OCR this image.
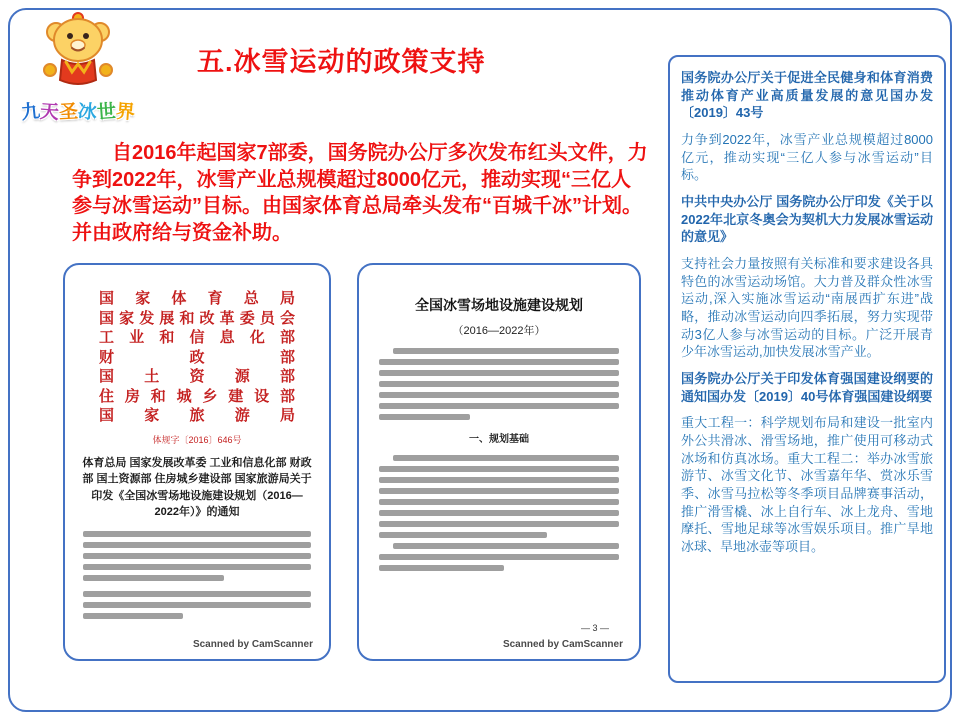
九天圣冰世界
五.冰雪运动的政策支持

自2016年起国家7部委，国务院办公厅多次发布红头文件，力争到2022年，冰雪产业总规模超过8000亿元，推动实现“三亿人参与冰雪运动”目标。由国家体育总局牵头发布“百城千冰”计划。并由政府给与资金补助。

国家体育总局
国家发展和改革委员会
工业和信息化部
财政部
国土资源部
住房和城乡建设部
国家旅游局
体规字〔2016〕646号
体育总局 国家发展改革委 工业和信息化部 财政部 国土资源部 住房城乡建设部 国家旅游局关于印发《全国冰雪场地设施建设规划（2016—2022年）》的通知
Scanned by CamScanner
全国冰雪场地设施建设规划
（2016—2022年）
一、规划基础
— 3 —
Scanned by CamScanner

国务院办公厅关于促进全民健身和体育消费推动体育产业高质量发展的意见国办发〔2019〕43号

力争到2022年，冰雪产业总规模超过8000亿元，推动实现“三亿人参与冰雪运动”目标。

中共中央办公厅 国务院办公厅印发《关于以2022年北京冬奥会为契机大力发展冰雪运动的意见》

支持社会力量按照有关标准和要求建设各具特色的冰雪运动场馆。大力普及群众性冰雪运动,深入实施冰雪运动“南展西扩东进”战略，推动冰雪运动向四季拓展，努力实现带动3亿人参与冰雪运动的目标。广泛开展青少年冰雪运动,加快发展冰雪产业。

国务院办公厅关于印发体育强国建设纲要的通知国办发〔2019〕40号体育强国建设纲要

重大工程一：科学规划布局和建设一批室内外公共滑冰、滑雪场地，推广使用可移动式冰场和仿真冰场。重大工程二：举办冰雪旅游节、冰雪文化节、冰雪嘉年华、赏冰乐雪季、冰雪马拉松等冬季项目品牌赛事活动，推广滑雪橇、冰上自行车、冰上龙舟、雪地摩托、雪地足球等冰雪娱乐项目。推广旱地冰球、旱地冰壶等项目。
